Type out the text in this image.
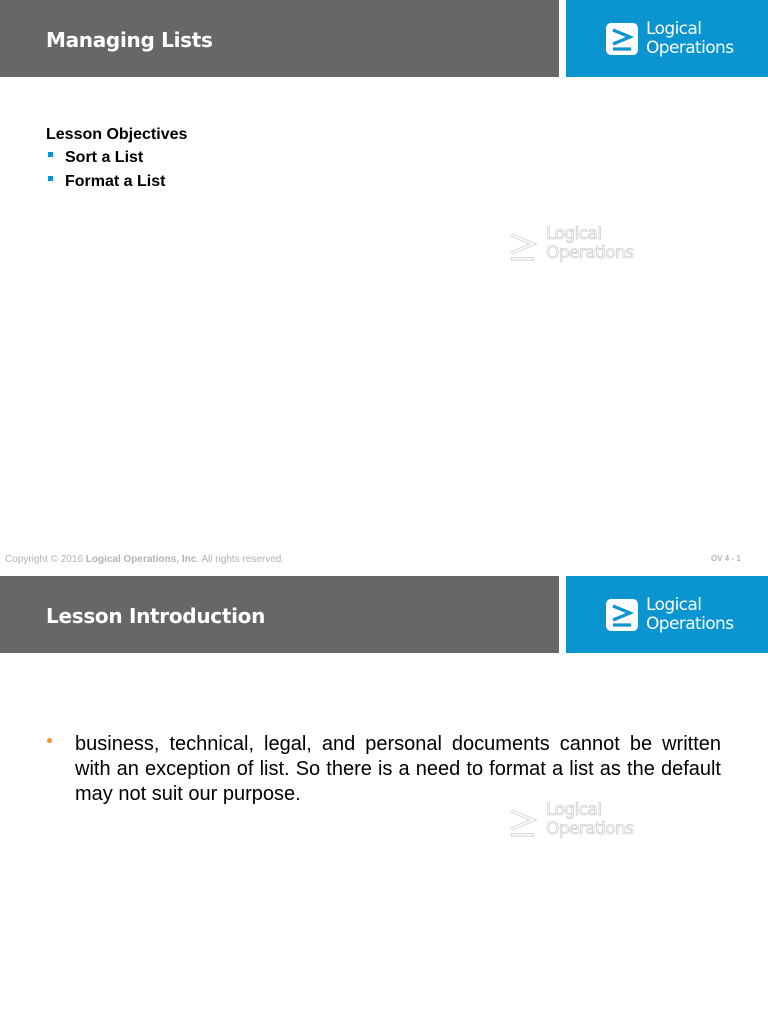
Managing Lists	Logical
Operations
Lesson Objectives
Sort a List
Format a List
Logical
Operations
Copyright © 2016 Logical Operations, Inc. All rights reserved.	OV 4 - 1
Lesson Introduction	Logical
Operations
business, technical, legal, and personal documents cannot be written with an exception of list. So there is a need to format a list as the default may not suit our purpose.
Logical
Operations
